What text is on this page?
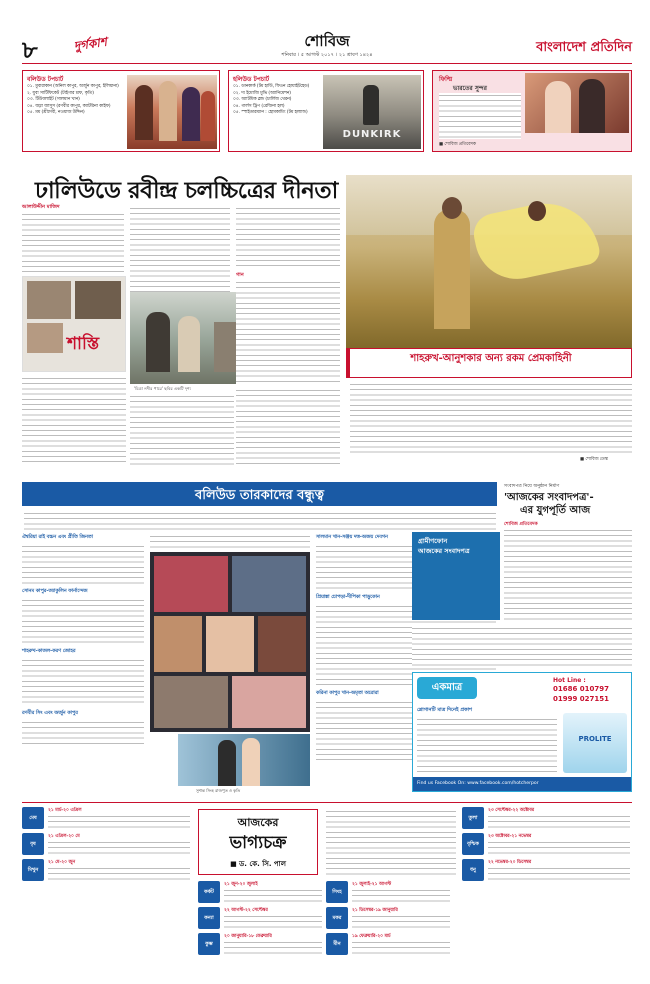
৮	দুর্গকাশ	শোবিজ
শনিবার । ৫ আগস্ট ২০১৭ । ২১ শ্রাবণ ১৪২৪	বাংলাদেশ প্রতিদিন
বলিউড টপচার্ট
০১. মুবারাকান (অনিল কাপুর, অর্জুন কাপুর, ইলিয়ানা)
২. যুবা সার্টিফিকেট (টাইগার শ্রফ, কৃতি)
০৩. টিউবলাইট (সালমান খান)
০৪. জগ্গা জাসুস (রণবীর কাপুর, ক্যাটরিনা কাইফ)
০৫. মম (শ্রীদেবী, নওয়াজ উদ্দিন)
হলিউড টপচার্ট
০১. ডানকার্ক (টম হার্ডি, ফিওন হোয়াইটহেড)
০২. দ্য ইমোজি মুভি (অ্যানিমেশন)
০৩. অ্যাটমিক ব্লন্ড (চার্লিজ থেরন)
০৪. গার্লস ট্রিপ (রেজিনা হল)
০৫. স্পাইডারম্যান : হোমকামিং (টম হল্যান্ড)
DUNKIRK
ফিল্মি
ভারতের সুন্দর
■ শোবিজ প্রতিবেদক
ঢালিউডে রবীন্দ্র চলচ্চিত্রের দীনতা
আলাউদ্দীন মাজিদ
শাস্তি
'চিত্রা নদীর পারে' ছবির একটি দৃশ্য
গান
শাহরুখ-আনুশকার অন্য রকম প্রেমকাহিনী
■ শোবিজ ডেস্ক
বলিউড তারকাদের বন্ধুত্ব
ঐশ্বরিয়া রাই বচ্চন এবং প্রীতি জিনতা
সোনম কাপুর-জ্যাকুলিন ফার্নান্দেজ
শাহরুখ-কাজল-করণ জোহর
রণবীর সিং এবং অর্জুন কাপুর
সুশান্ত সিংহ রাজপুত ও কৃতি
সালমান খান-সঞ্জয় দত্ত-অজয় দেবগন
প্রিয়াঙ্কা চোপড়া-দীপিকা পাড়ুকোন
করিনা কাপুর খান-অমৃতা অরোরা
সংবাদপত্র নিয়ে অনুষ্ঠান নির্মাণ
'আজকের সংবাদপত্র'-
এর যুগপূর্তি আজ
শোবিজ প্রতিবেদক
গ্রামীণফোন
আজকের সংবাদপত্র
একমাত্র
Hot Line :
01686 010797
01999 027151
শ্লোগানটি মাত্র দিনেই প্রকাশ
PROLITE
Find us Facebook On: www.facebook.com/hotcherpor
আজকের
ভাগ্যচক্র
■ ড. কে. সি. পাল
মেষ
২১ মার্চ-২০ এপ্রিল
বৃষ
২১ এপ্রিল-২০ মে
মিথুন
২১ মে-২০ জুন
কর্কট
২১ জুন-২০ জুলাই
সিংহ
২১ জুলাই-২১ আগস্ট
কন্যা
২২ আগস্ট-২২ সেপ্টেম্বর
তুলা
২৩ সেপ্টেম্বর-২২ অক্টোবর
বৃশ্চিক
২৩ অক্টোবর-২১ নভেম্বর
ধনু
২২ নভেম্বর-২০ ডিসেম্বর
মকর
২১ ডিসেম্বর-১৯ জানুয়ারি
কুম্ভ
২০ জানুয়ারি-১৮ ফেব্রুয়ারি
মীন
১৯ ফেব্রুয়ারি-২০ মার্চ
